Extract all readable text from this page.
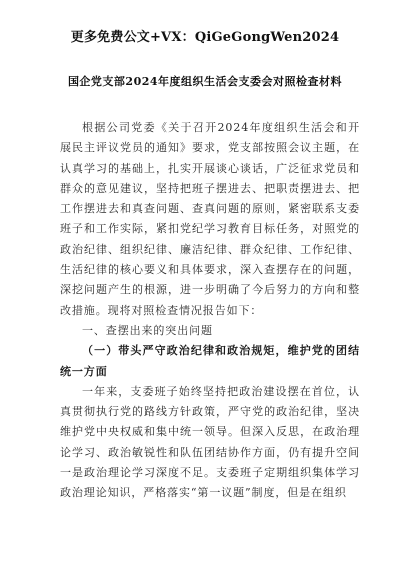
更多免费公文+VX：QiGeGongWen2024
国企党支部2024年度组织生活会支委会对照检查材料

根据公司党委《关于召开2024年度组织生活会和开展民主评议党员的通知》要求，党支部按照会议主题，在认真学习的基础上，扎实开展谈心谈话，广泛征求党员和群众的意见建议，坚持把班子摆进去、把职责摆进去、把工作摆进去和真查问题、查真问题的原则，紧密联系支委班子和工作实际，紧扣党纪学习教育目标任务，对照党的政治纪律、组织纪律、廉洁纪律、群众纪律、工作纪律、生活纪律的核心要义和具体要求，深入查摆存在的问题，深挖问题产生的根源，进一步明确了今后努力的方向和整改措施。现将对照检查情况报告如下：

一、查摆出来的突出问题

（一）带头严守政治纪律和政治规矩，维护党的团结统一方面

一年来，支委班子始终坚持把政治建设摆在首位，认真贯彻执行党的路线方针政策，严守党的政治纪律，坚决维护党中央权威和集中统一领导。但深入反思，在政治理论学习、政治敏锐性和队伍团结协作方面，仍有提升空间一是政治理论学习深度不足。支委班子定期组织集体学习政治理论知识，严格落实“第一议题”制度，但是在组织
